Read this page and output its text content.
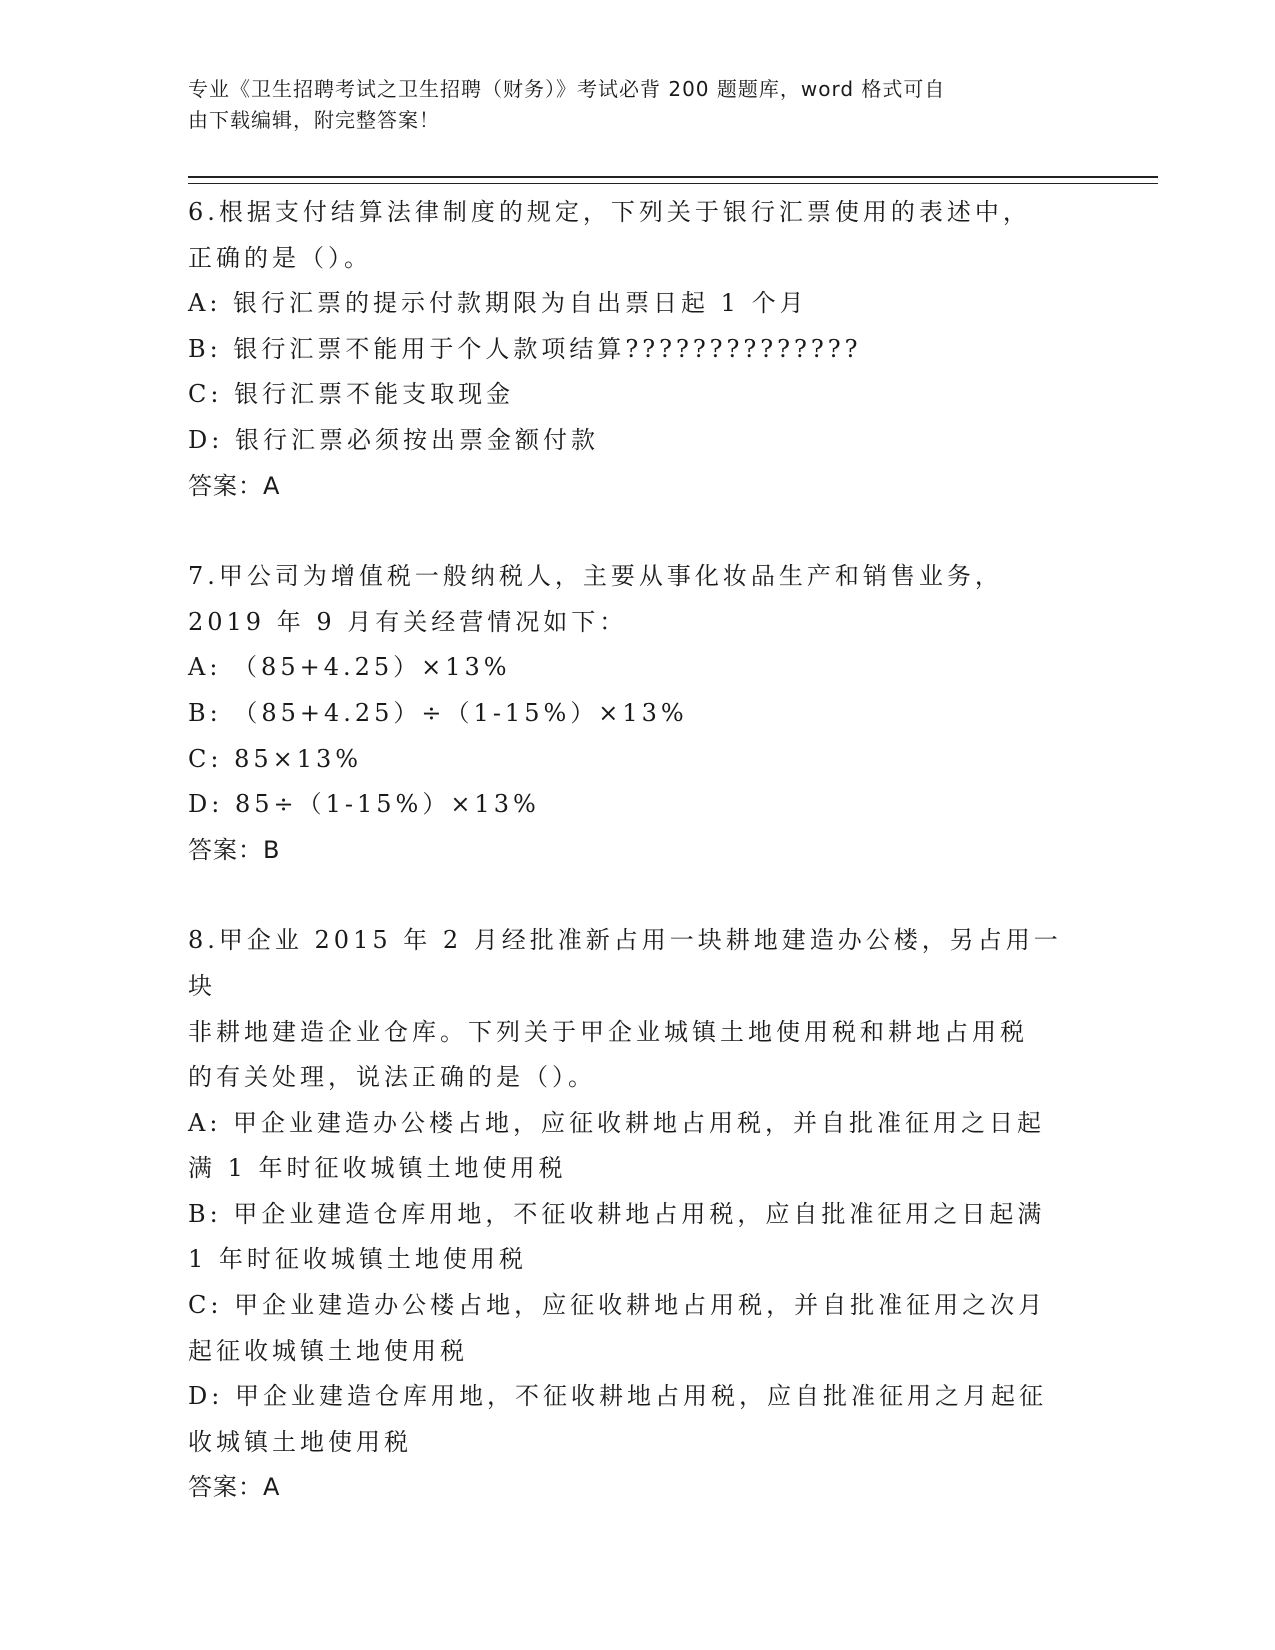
专业《卫生招聘考试之卫生招聘（财务）》考试必背 200 题题库，word 格式可自
由下载编辑，附完整答案！

6.根据支付结算法律制度的规定，下列关于银行汇票使用的表述中，

正确的是（）。

A: 银行汇票的提示付款期限为自出票日起 1 个月

B: 银行汇票不能用于个人款项结算??????????????

C: 银行汇票不能支取现金

D: 银行汇票必须按出票金额付款

答案：A

7.甲公司为增值税一般纳税人，主要从事化妆品生产和销售业务，

2019 年 9 月有关经营情况如下：

A: （85+4.25）×13%

B: （85+4.25）÷（1-15%）×13%

C: 85×13%

D: 85÷（1-15%）×13%

答案：B

8.甲企业 2015 年 2 月经批准新占用一块耕地建造办公楼，另占用一块

非耕地建造企业仓库。下列关于甲企业城镇土地使用税和耕地占用税

的有关处理，说法正确的是（）。

A: 甲企业建造办公楼占地，应征收耕地占用税，并自批准征用之日起

满 1 年时征收城镇土地使用税

B: 甲企业建造仓库用地，不征收耕地占用税，应自批准征用之日起满

1 年时征收城镇土地使用税

C: 甲企业建造办公楼占地，应征收耕地占用税，并自批准征用之次月

起征收城镇土地使用税

D: 甲企业建造仓库用地，不征收耕地占用税，应自批准征用之月起征

收城镇土地使用税

答案：A
